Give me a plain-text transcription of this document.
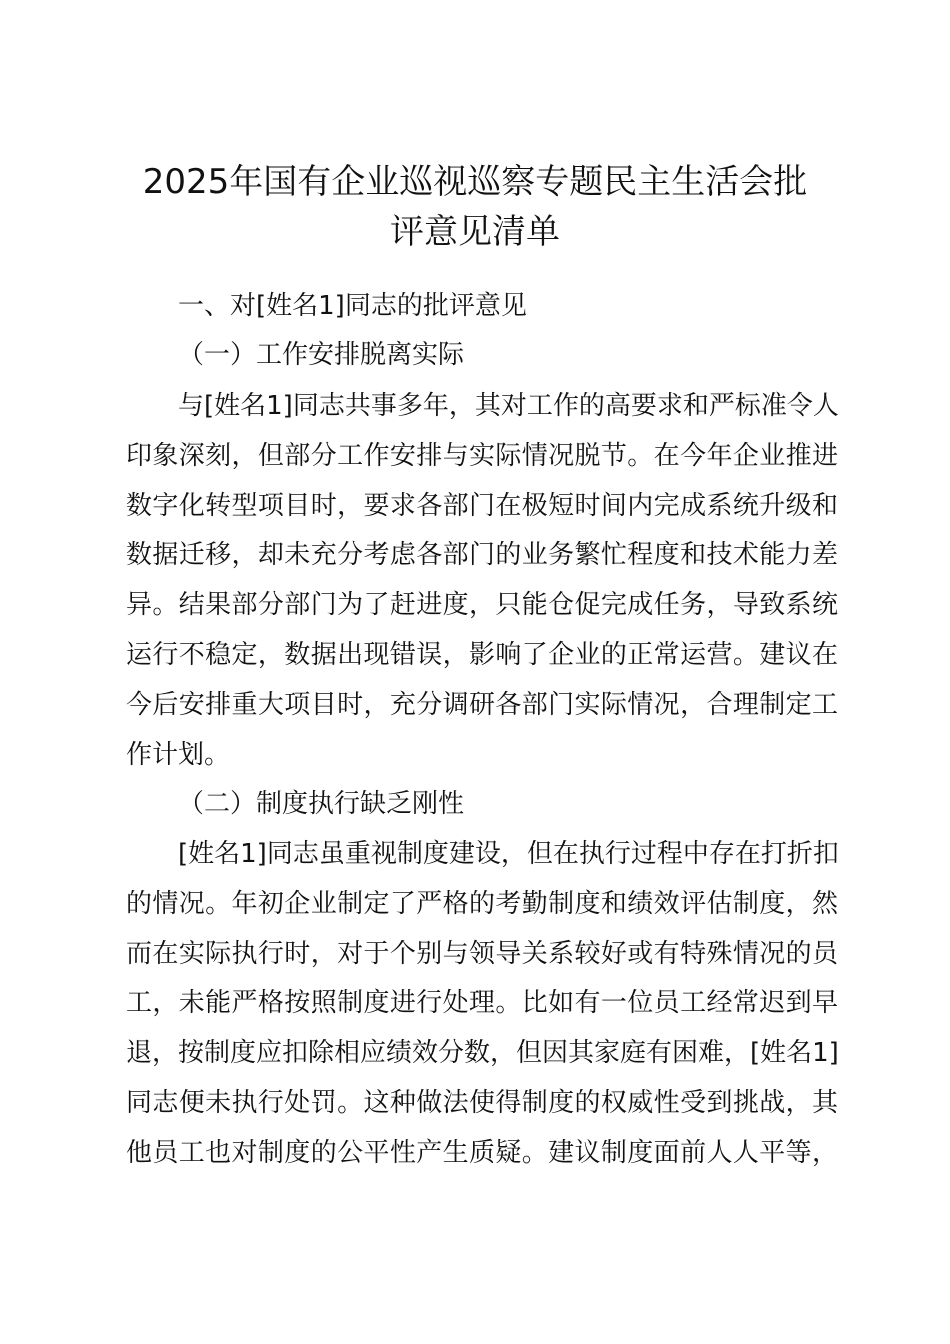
2025年国有企业巡视巡察专题民主生活会批
评意见清单

一、对[姓名1]同志的批评意见

（一）工作安排脱离实际

与[姓名1]同志共事多年，其对工作的高要求和严标准令人
印象深刻，但部分工作安排与实际情况脱节。在今年企业推进
数字化转型项目时，要求各部门在极短时间内完成系统升级和
数据迁移，却未充分考虑各部门的业务繁忙程度和技术能力差
异。结果部分部门为了赶进度，只能仓促完成任务，导致系统
运行不稳定，数据出现错误，影响了企业的正常运营。建议在
今后安排重大项目时，充分调研各部门实际情况，合理制定工
作计划。

（二）制度执行缺乏刚性

[姓名1]同志虽重视制度建设，但在执行过程中存在打折扣
的情况。年初企业制定了严格的考勤制度和绩效评估制度，然
而在实际执行时，对于个别与领导关系较好或有特殊情况的员
工，未能严格按照制度进行处理。比如有一位员工经常迟到早
退，按制度应扣除相应绩效分数，但因其家庭有困难，[姓名1]
同志便未执行处罚。这种做法使得制度的权威性受到挑战，其
他员工也对制度的公平性产生质疑。建议制度面前人人平等，
